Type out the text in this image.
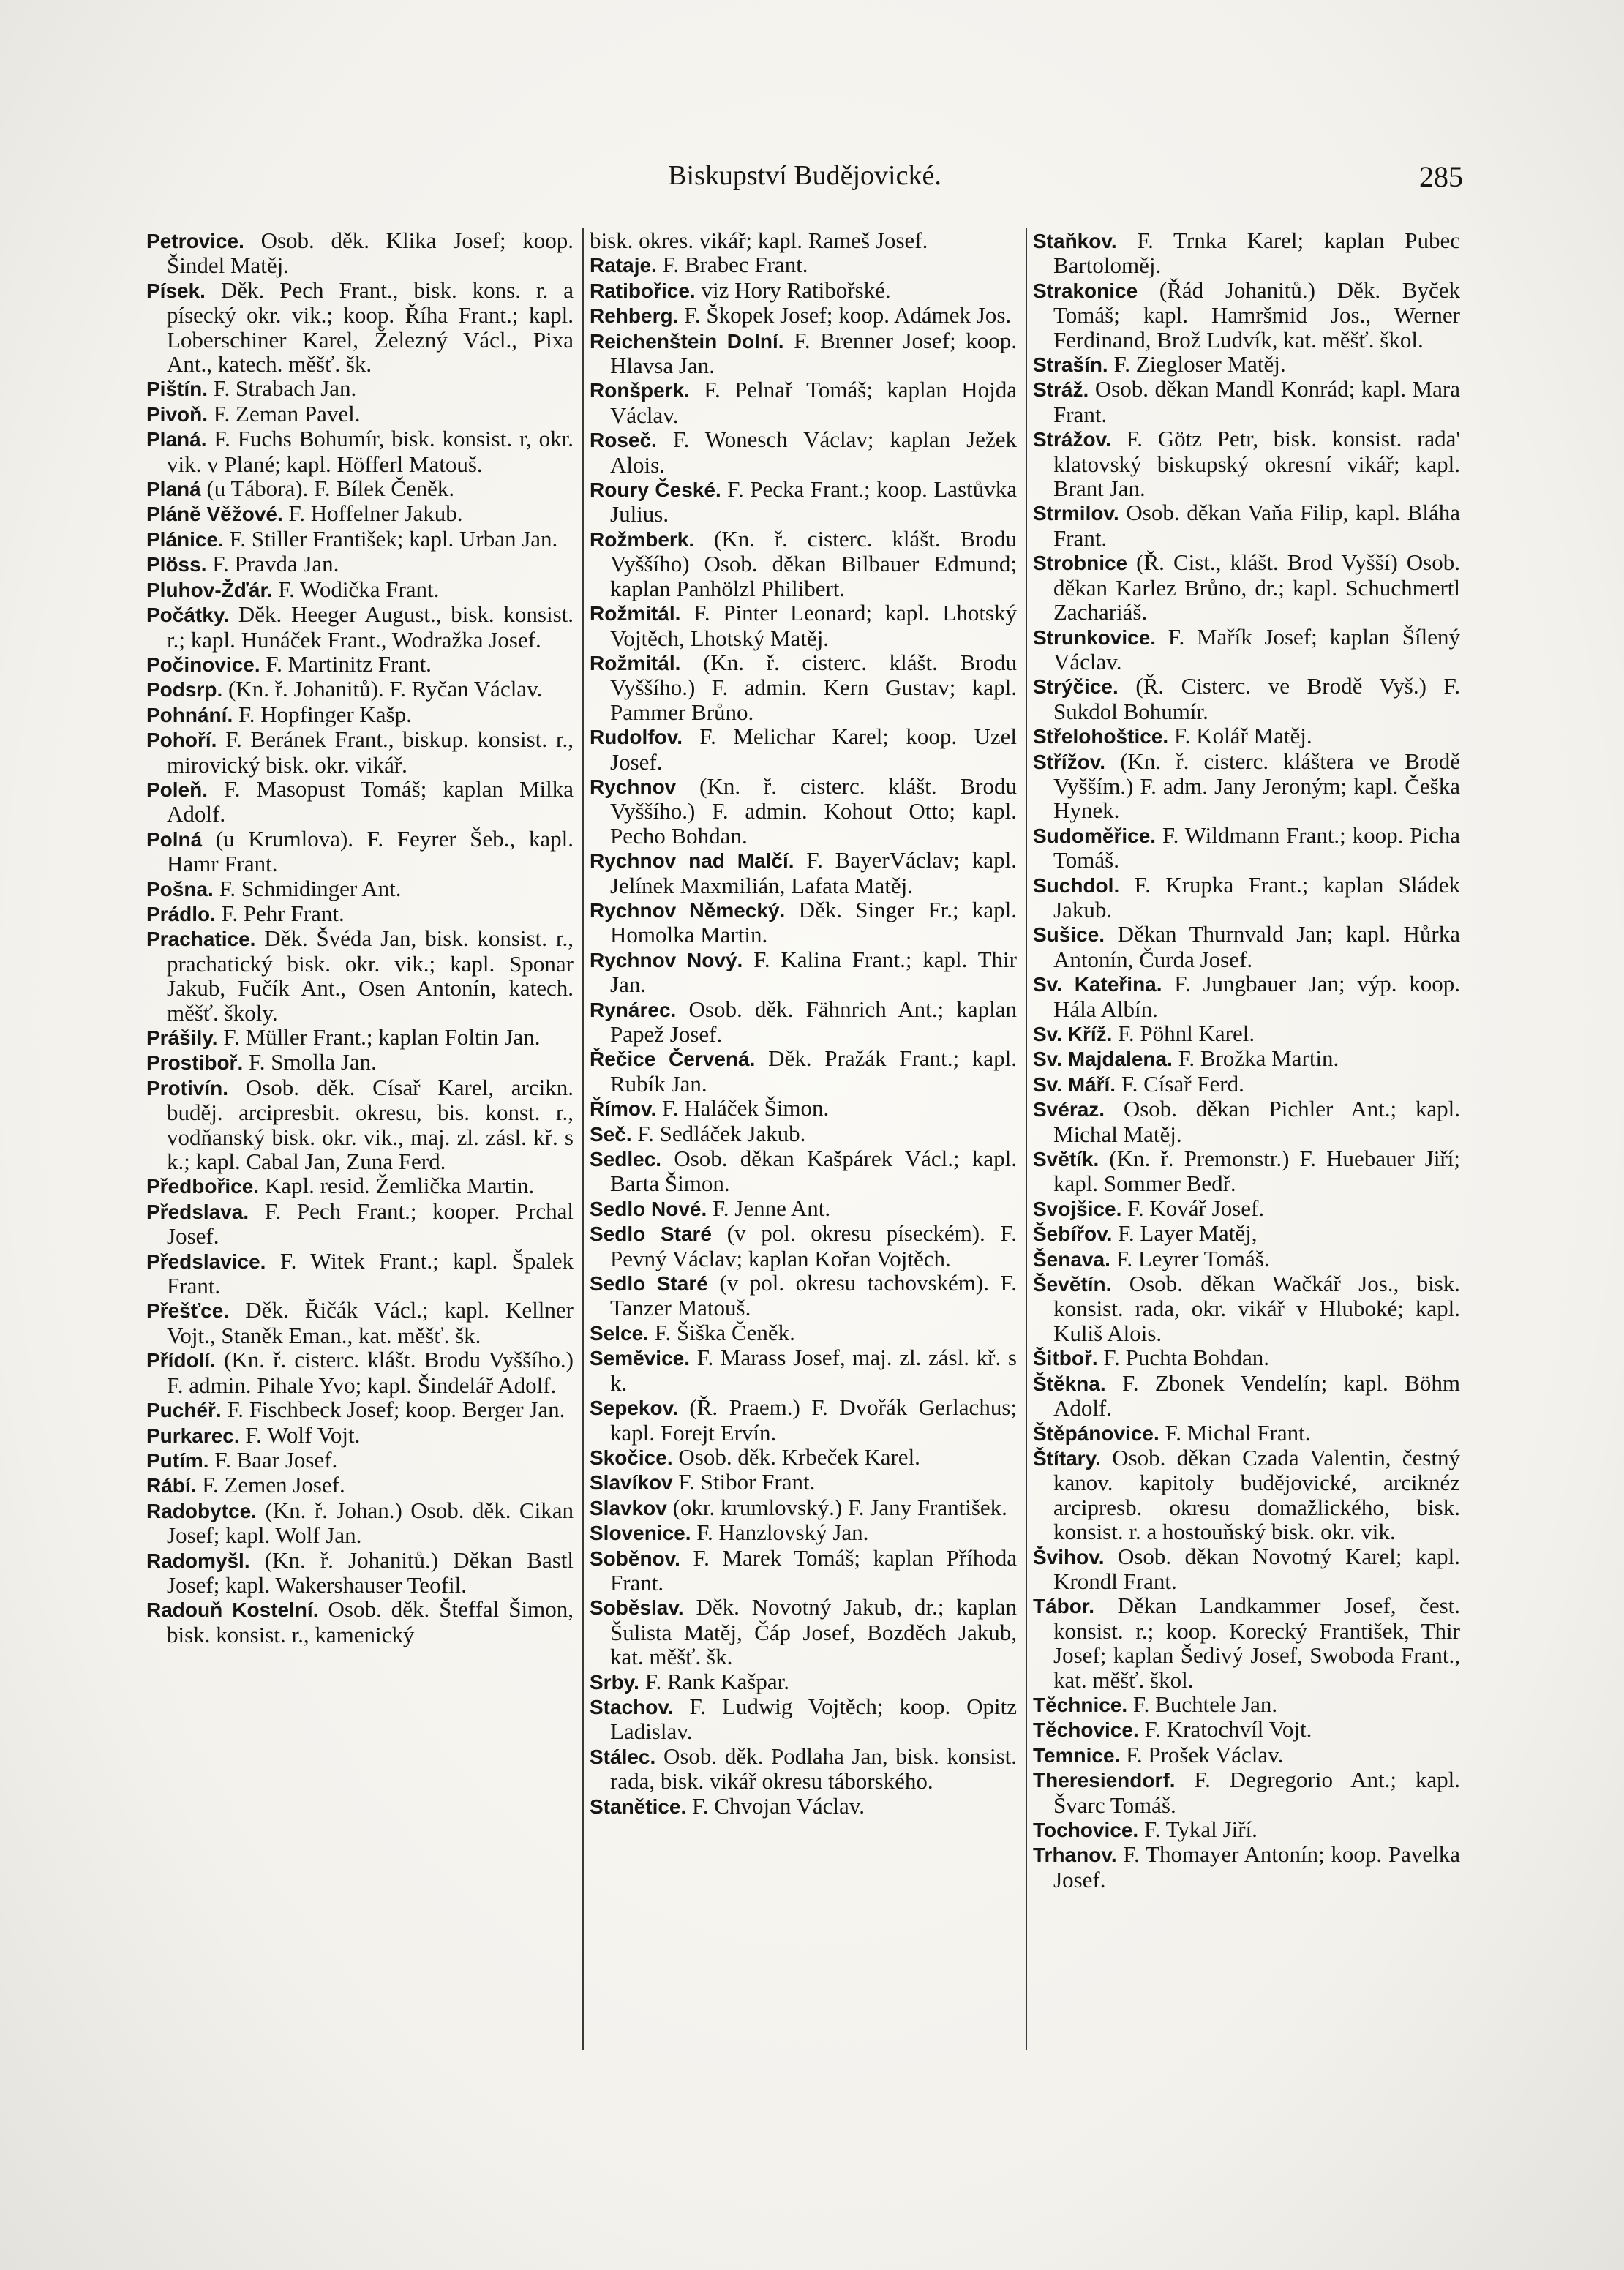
Biskupství Budějovické.	285

Petrovice. Osob. děk. Klika Josef; koop. Šindel Matěj.

Písek. Děk. Pech Frant., bisk. kons. r. a písecký okr. vik.; koop. Říha Frant.; kapl. Loberschiner Karel, Železný Václ., Pixa Ant., katech. měšť. šk.

Pištín. F. Strabach Jan.

Pivoň. F. Zeman Pavel.

Planá. F. Fuchs Bohumír, bisk. konsist. r, okr. vik. v Plané; kapl. Höfferl Matouš.

Planá (u Tábora). F. Bílek Čeněk.

Pláně Věžové. F. Hoffelner Jakub.

Plánice. F. Stiller František; kapl. Urban Jan.

Plöss. F. Pravda Jan.

Pluhov-Žďár. F. Wodička Frant.

Počátky. Děk. Heeger August., bisk. konsist. r.; kapl. Hunáček Frant., Wodražka Josef.

Počinovice. F. Martinitz Frant.

Podsrp. (Kn. ř. Johanitů). F. Ryčan Václav.

Pohnání. F. Hopfinger Kašp.

Pohoří. F. Beránek Frant., biskup. konsist. r., mirovický bisk. okr. vikář.

Poleň. F. Masopust Tomáš; kaplan Milka Adolf.

Polná (u Krumlova). F. Feyrer Šeb., kapl. Hamr Frant.

Pošna. F. Schmidinger Ant.

Prádlo. F. Pehr Frant.

Prachatice. Děk. Švéda Jan, bisk. konsist. r., prachatický bisk. okr. vik.; kapl. Sponar Jakub, Fučík Ant., Osen Antonín, katech. měšť. školy.

Prášily. F. Müller Frant.; kaplan Foltin Jan.

Prostiboř. F. Smolla Jan.

Protivín. Osob. děk. Císař Karel, arcikn. buděj. arcipresbit. okresu, bis. konst. r., vodňanský bisk. okr. vik., maj. zl. zásl. kř. s k.; kapl. Cabal Jan, Zuna Ferd.

Předbořice. Kapl. resid. Žemlička Martin.

Předslava. F. Pech Frant.; kooper. Prchal Josef.

Předslavice. F. Witek Frant.; kapl. Špalek Frant.

Přešťce. Děk. Řičák Václ.; kapl. Kellner Vojt., Staněk Eman., kat. měšť. šk.

Přídolí. (Kn. ř. cisterc. klášt. Brodu Vyššího.) F. admin. Pihale Yvo; kapl. Šindelář Adolf.

Puchéř. F. Fischbeck Josef; koop. Berger Jan.

Purkarec. F. Wolf Vojt.

Putím. F. Baar Josef.

Rábí. F. Zemen Josef.

Radobytce. (Kn. ř. Johan.) Osob. děk. Cikan Josef; kapl. Wolf Jan.

Radomyšl. (Kn. ř. Johanitů.) Děkan Bastl Josef; kapl. Wakershauser Teofil.

Radouň Kostelní. Osob. děk. Šteffal Šimon, bisk. konsist. r., kamenický

bisk. okres. vikář; kapl. Rameš Josef.

Rataje. F. Brabec Frant.

Ratibořice. viz Hory Ratibořské.

Rehberg. F. Škopek Josef; koop. Adámek Jos.

Reichenštein Dolní. F. Brenner Josef; koop. Hlavsa Jan.

Ronšperk. F. Pelnař Tomáš; kaplan Hojda Václav.

Roseč. F. Wonesch Václav; kaplan Ježek Alois.

Roury České. F. Pecka Frant.; koop. Lastůvka Julius.

Rožmberk. (Kn. ř. cisterc. klášt. Brodu Vyššího) Osob. děkan Bilbauer Edmund; kaplan Panhölzl Philibert.

Rožmitál. F. Pinter Leonard; kapl. Lhotský Vojtěch, Lhotský Matěj.

Rožmitál. (Kn. ř. cisterc. klášt. Brodu Vyššího.) F. admin. Kern Gustav; kapl. Pammer Brůno.

Rudolfov. F. Melichar Karel; koop. Uzel Josef.

Rychnov (Kn. ř. cisterc. klášt. Brodu Vyššího.) F. admin. Kohout Otto; kapl. Pecho Bohdan.

Rychnov nad Malčí. F. BayerVáclav; kapl. Jelínek Maxmilián, Lafata Matěj.

Rychnov Německý. Děk. Singer Fr.; kapl. Homolka Martin.

Rychnov Nový. F. Kalina Frant.; kapl. Thir Jan.

Rynárec. Osob. děk. Fähnrich Ant.; kaplan Papež Josef.

Řečice Červená. Děk. Pražák Frant.; kapl. Rubík Jan.

Římov. F. Haláček Šimon.

Seč. F. Sedláček Jakub.

Sedlec. Osob. děkan Kašpárek Václ.; kapl. Barta Šimon.

Sedlo Nové. F. Jenne Ant.

Sedlo Staré (v pol. okresu píseckém). F. Pevný Václav; kaplan Kořan Vojtěch.

Sedlo Staré (v pol. okresu tachovském). F. Tanzer Matouš.

Selce. F. Šiška Čeněk.

Seměvice. F. Marass Josef, maj. zl. zásl. kř. s k.

Sepekov. (Ř. Praem.) F. Dvořák Gerlachus; kapl. Forejt Ervín.

Skočice. Osob. děk. Krbeček Karel.

Slavíkov F. Stibor Frant.

Slavkov (okr. krumlovský.) F. Jany František.

Slovenice. F. Hanzlovský Jan.

Soběnov. F. Marek Tomáš; kaplan Příhoda Frant.

Soběslav. Děk. Novotný Jakub, dr.; kaplan Šulista Matěj, Čáp Josef, Bozděch Jakub, kat. měšť. šk.

Srby. F. Rank Kašpar.

Stachov. F. Ludwig Vojtěch; koop. Opitz Ladislav.

Stálec. Osob. děk. Podlaha Jan, bisk. konsist. rada, bisk. vikář okresu táborského.

Stanětice. F. Chvojan Václav.

Staňkov. F. Trnka Karel; kaplan Pubec Bartoloměj.

Strakonice (Řád Johanitů.) Děk. Byček Tomáš; kapl. Hamršmid Jos., Werner Ferdinand, Brož Ludvík, kat. měšť. škol.

Strašín. F. Ziegloser Matěj.

Stráž. Osob. děkan Mandl Konrád; kapl. Mara Frant.

Strážov. F. Götz Petr, bisk. konsist. rada' klatovský biskupský okresní vikář; kapl. Brant Jan.

Strmilov. Osob. děkan Vaňa Filip, kapl. Bláha Frant.

Strobnice (Ř. Cist., klášt. Brod Vyšší) Osob. děkan Karlez Brůno, dr.; kapl. Schuchmertl Zachariáš.

Strunkovice. F. Mařík Josef; kaplan Šílený Václav.

Strýčice. (Ř. Cisterc. ve Brodě Vyš.) F. Sukdol Bohumír.

Střelohoštice. F. Kolář Matěj.

Střížov. (Kn. ř. cisterc. kláštera ve Brodě Vyšším.) F. adm. Jany Jeroným; kapl. Češka Hynek.

Sudoměřice. F. Wildmann Frant.; koop. Picha Tomáš.

Suchdol. F. Krupka Frant.; kaplan Sládek Jakub.

Sušice. Děkan Thurnvald Jan; kapl. Hůrka Antonín, Čurda Josef.

Sv. Kateřina. F. Jungbauer Jan; výp. koop. Hála Albín.

Sv. Kříž. F. Pöhnl Karel.

Sv. Majdalena. F. Brožka Martin.

Sv. Máří. F. Císař Ferd.

Svéraz. Osob. děkan Pichler Ant.; kapl. Michal Matěj.

Světík. (Kn. ř. Premonstr.) F. Huebauer Jiří; kapl. Sommer Bedř.

Svojšice. F. Kovář Josef.

Šebířov. F. Layer Matěj,

Šenava. F. Leyrer Tomáš.

Ševětín. Osob. děkan Wačkář Jos., bisk. konsist. rada, okr. vikář v Hluboké; kapl. Kuliš Alois.

Šitboř. F. Puchta Bohdan.

Štěkna. F. Zbonek Vendelín; kapl. Böhm Adolf.

Štěpánovice. F. Michal Frant.

Štítary. Osob. děkan Czada Valentin, čestný kanov. kapitoly budějovické, arciknéz arcipresb. okresu domažlického, bisk. konsist. r. a hostouňský bisk. okr. vik.

Švihov. Osob. děkan Novotný Karel; kapl. Krondl Frant.

Tábor. Děkan Landkammer Josef, čest. konsist. r.; koop. Korecký František, Thir Josef; kaplan Šedivý Josef, Swoboda Frant., kat. měšť. škol.

Těchnice. F. Buchtele Jan.

Těchovice. F. Kratochvíl Vojt.

Temnice. F. Prošek Václav.

Theresiendorf. F. Degregorio Ant.; kapl. Švarc Tomáš.

Tochovice. F. Tykal Jiří.

Trhanov. F. Thomayer Antonín; koop. Pavelka Josef.
